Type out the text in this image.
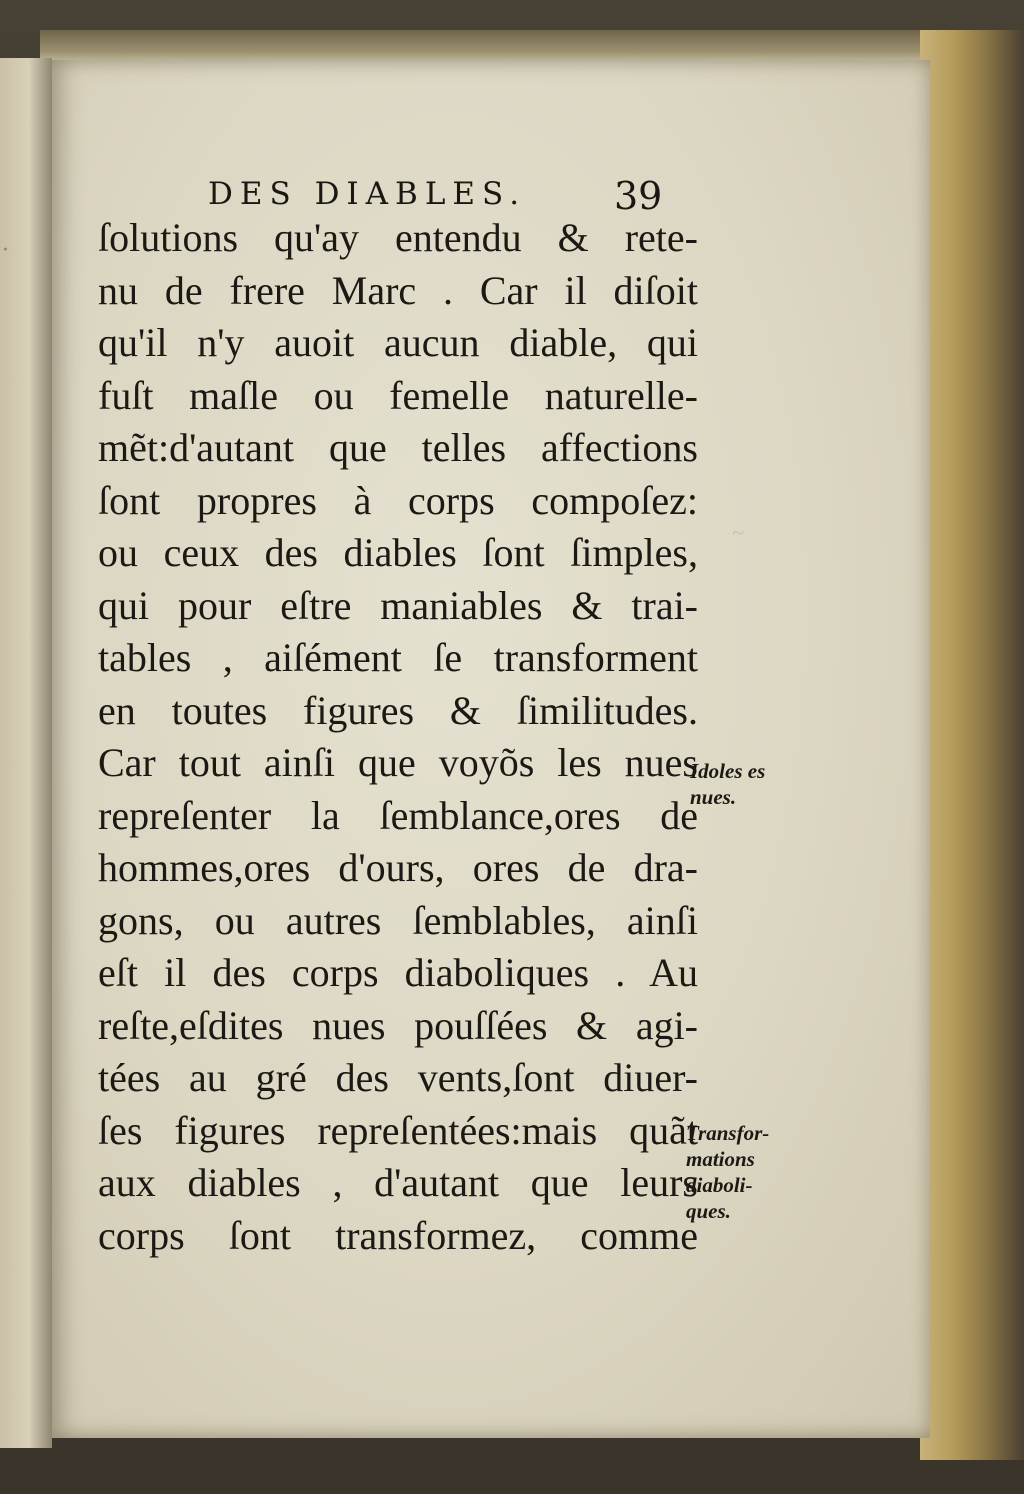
·
~
DES DIABLES. 39
ſolutions qu'ay entendu & rete-
nu de frere Marc . Car il diſoit
qu'il n'y auoit aucun diable, qui
fuſt maſle ou femelle naturelle-
mẽt:d'autant que telles affections
ſont propres à corps compoſez:
ou ceux des diables ſont ſimples,
qui pour eſtre maniables & trai-
tables , aiſément ſe transforment
en toutes figures & ſimilitudes.
Car tout ainſi que voyõs les nues
repreſenter la ſemblance,ores de
hommes,ores d'ours, ores de dra-
gons, ou autres ſemblables, ainſi
eſt il des corps diaboliques . Au
reſte,eſdites nues pouſſées & agi-
tées au gré des vents,ſont diuer-
ſes figures repreſentées:mais quãt
aux diables , d'autant que leurs
corps ſont transformez, comme
Idoles es
nues.
Transfor-
mations
diaboli-
ques.
